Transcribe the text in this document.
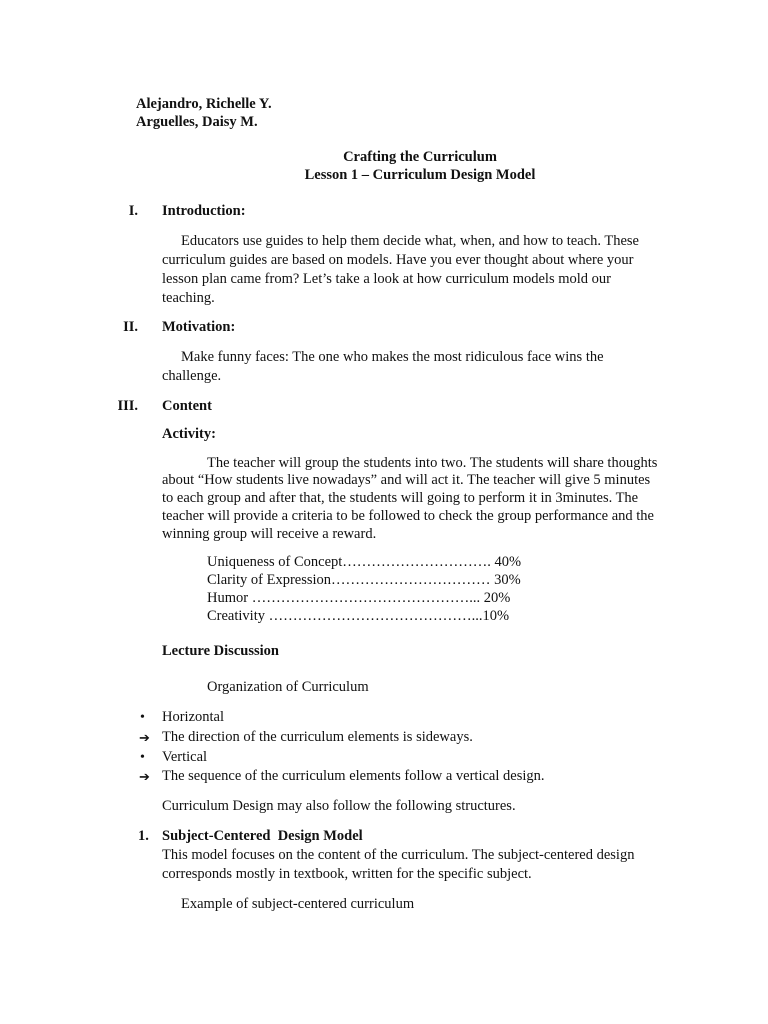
Alejandro, Richelle Y.
Arguelles, Daisy M.
Crafting the Curriculum
Lesson 1 – Curriculum Design Model
I. Introduction:
Educators use guides to help them decide what, when, and how to teach. These
curriculum guides are based on models. Have you ever thought about where your
lesson plan came from? Let’s take a look at how curriculum models mold our
teaching.
II. Motivation:
Make funny faces: The one who makes the most ridiculous face wins the
challenge.
III. Content
Activity:
The teacher will group the students into two. The students will share thoughts
about “How students live nowadays” and will act it. The teacher will give 5 minutes
to each group and after that, the students will going to perform it in 3minutes. The
teacher will provide a criteria to be followed to check the group performance and the
winning group will receive a reward.
Uniqueness of Concept…………………………. 40%
Clarity of Expression…………………………… 30%
Humor ………………………………………... 20%
Creativity ……………………………………...10%
Lecture Discussion
Organization of Curriculum
• Horizontal
➔ The direction of the curriculum elements is sideways.
• Vertical
➔ The sequence of the curriculum elements follow a vertical design.
Curriculum Design may also follow the following structures.
1. Subject-Centered  Design Model
This model focuses on the content of the curriculum. The subject-centered design
corresponds mostly in textbook, written for the specific subject.
Example of subject-centered curriculum
